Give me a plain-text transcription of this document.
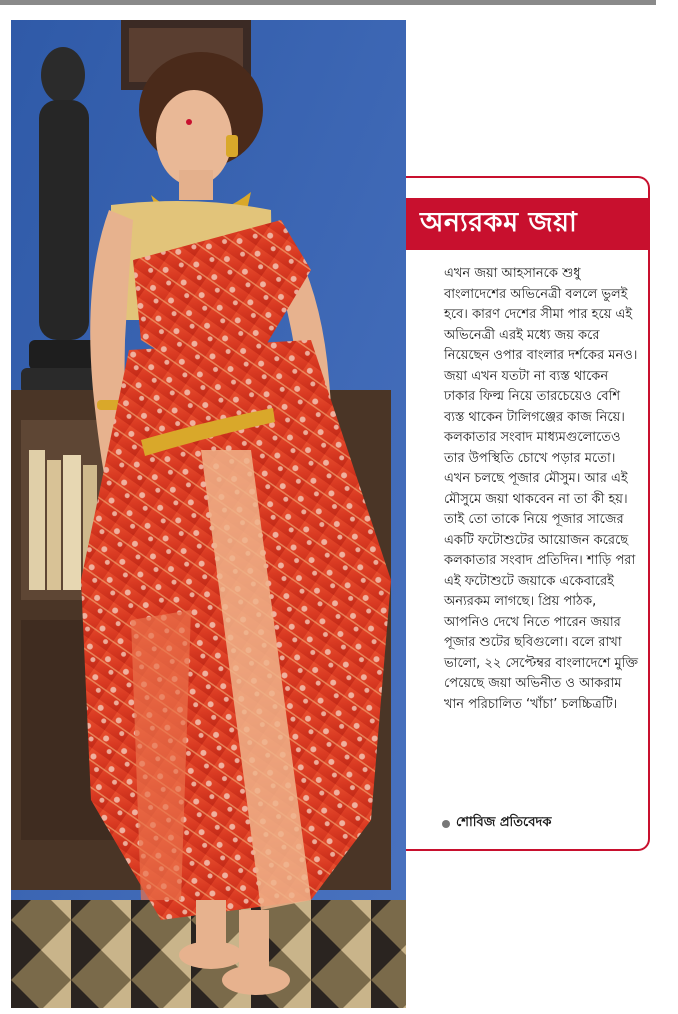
অন্যরকম জয়া

এখন জয়া আহসানকে শুধু বাংলাদেশের অভিনেত্রী বললে ভুলই হবে। কারণ দেশের সীমা পার হয়ে এই অভিনেত্রী এরই মধ্যে জয় করে নিয়েছেন ওপার বাংলার দর্শকের মনও। জয়া এখন যতটা না ব্যস্ত থাকেন ঢাকার ফিল্ম নিয়ে তারচেয়েও বেশি ব্যস্ত থাকেন টালিগঞ্জের কাজ নিয়ে। কলকাতার সংবাদ মাধ্যমগুলোতেও তার উপস্থিতি চোখে পড়ার মতো। এখন চলছে পূজার মৌসুম। আর এই মৌসুমে জয়া থাকবেন না তা কী হয়। তাই তো তাকে নিয়ে পূজার সাজের একটি ফটোশুটের আয়োজন করেছে কলকাতার সংবাদ প্রতিদিন। শাড়ি পরা এই ফটোশুটে জয়াকে একেবারেই অন্যরকম লাগছে। প্রিয় পাঠক, আপনিও দেখে নিতে পারেন জয়ার পূজার শুটের ছবিগুলো। বলে রাখা ভালো, ২২ সেপ্টেম্বর বাংলাদেশে মুক্তি পেয়েছে জয়া অভিনীত ও আকরাম খান পরিচালিত ‘খাঁচা’ চলচ্চিত্রটি।

শোবিজ প্রতিবেদক
